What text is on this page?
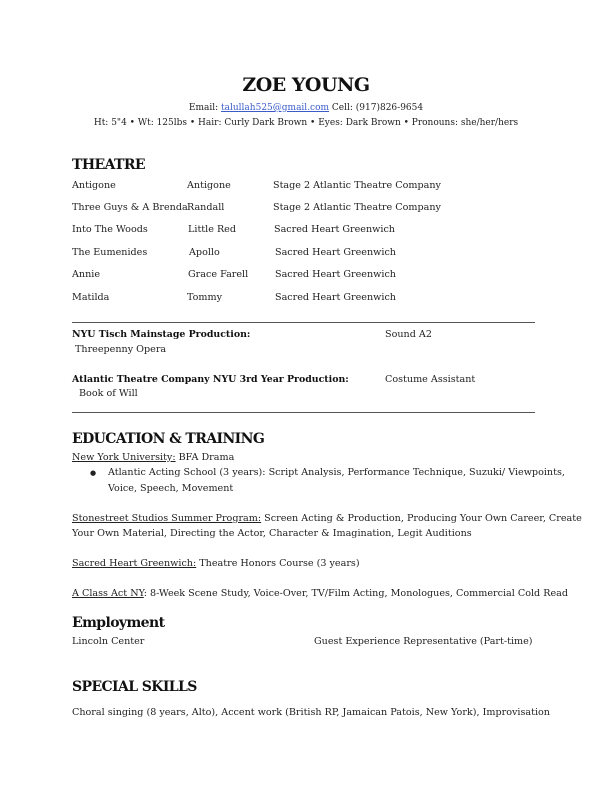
ZOE YOUNG
Email: talullah525@gmail.com Cell: (917)826-9654
Ht: 5"4 • Wt: 125lbs • Hair: Curly Dark Brown • Eyes: Dark Brown • Pronouns: she/her/hers
THEATRE
Antigone	Antigone	Stage 2 Atlantic Theatre Company
Three Guys & A Brenda Randall	Stage 2 Atlantic Theatre Company
Into The Woods	Little Red	Sacred Heart Greenwich
The Eumenides	Apollo	Sacred Heart Greenwich
Annie	Grace Farell	Sacred Heart Greenwich
Matilda	Tommy	Sacred Heart Greenwich
NYU Tisch Mainstage Production:	Sound A2
Threepenny Opera
Atlantic Theatre Company NYU 3rd Year Production:	Costume Assistant
Book of Will
EDUCATION & TRAINING
New York University: BFA Drama
● Atlantic Acting School (3 years): Script Analysis, Performance Technique, Suzuki/ Viewpoints,
Voice, Speech, Movement
Stonestreet Studios Summer Program: Screen Acting & Production, Producing Your Own Career, Create
Your Own Material, Directing the Actor, Character & Imagination, Legit Auditions
Sacred Heart Greenwich: Theatre Honors Course (3 years)
A Class Act NY: 8-Week Scene Study, Voice-Over, TV/Film Acting, Monologues, Commercial Cold Read
Employment
Lincoln Center	Guest Experience Representative (Part-time)
SPECIAL SKILLS
Choral singing (8 years, Alto), Accent work (British RP, Jamaican Patois, New York), Improvisation
